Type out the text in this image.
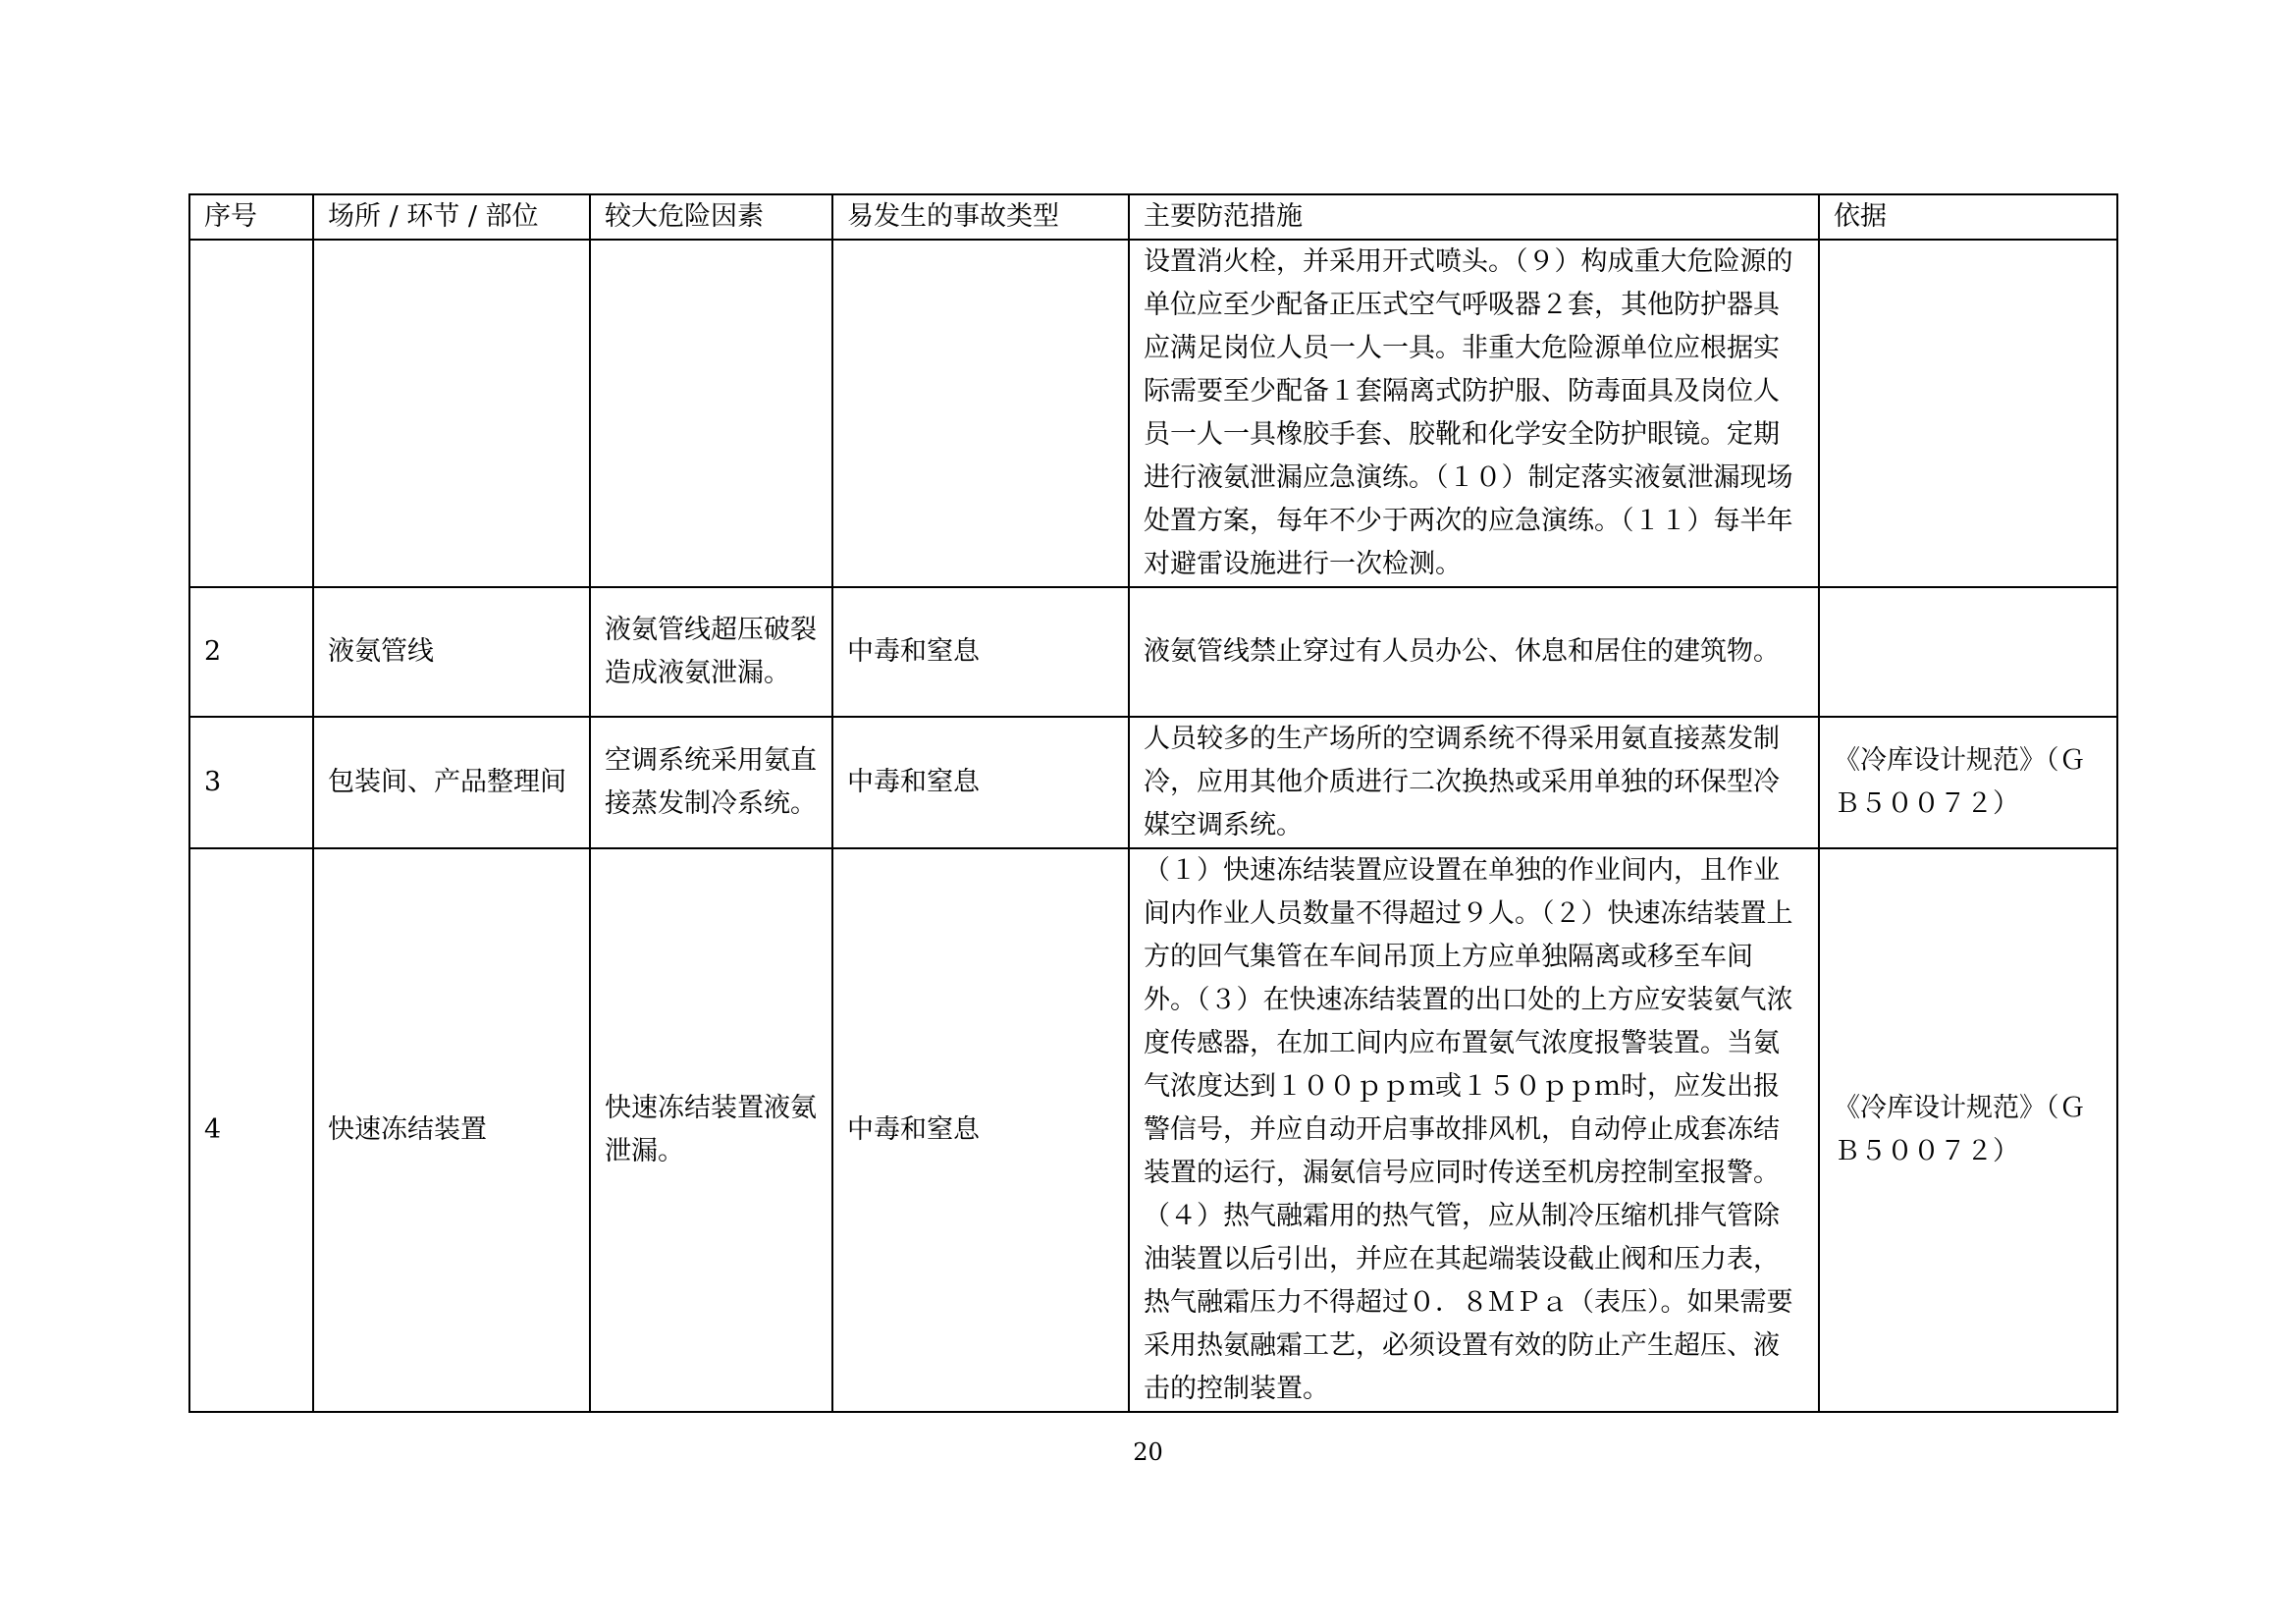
序号	场所 / 环节 / 部位	较大危险因素	易发生的事故类型	主要防范措施	依据
				设置消火栓，并采用开式喷头。（９）构成重大危险源的单位应至少配备正压式空气呼吸器２套，其他防护器具应满足岗位人员一人一具。非重大危险源单位应根据实际需要至少配备１套隔离式防护服、防毒面具及岗位人员一人一具橡胶手套、胶靴和化学安全防护眼镜。定期进行液氨泄漏应急演练。（１０）制定落实液氨泄漏现场处置方案，每年不少于两次的应急演练。（１１）每半年对避雷设施进行一次检测。	
2	液氨管线	液氨管线超压破裂造成液氨泄漏。	中毒和窒息	液氨管线禁止穿过有人员办公、休息和居住的建筑物。	
3	包装间、产品整理间	空调系统采用氨直接蒸发制冷系统。	中毒和窒息	人员较多的生产场所的空调系统不得采用氨直接蒸发制冷，应用其他介质进行二次换热或采用单独的环保型冷媒空调系统。	《冷库设计规范》（ＧＢ５００７２）
4	快速冻结装置	快速冻结装置液氨泄漏。	中毒和窒息	（１）快速冻结装置应设置在单独的作业间内，且作业间内作业人员数量不得超过９人。（２）快速冻结装置上方的回气集管在车间吊顶上方应单独隔离或移至车间外。（３）在快速冻结装置的出口处的上方应安装氨气浓度传感器，在加工间内应布置氨气浓度报警装置。当氨气浓度达到１００ｐｐｍ或１５０ｐｐｍ时，应发出报警信号，并应自动开启事故排风机，自动停止成套冻结装置的运行，漏氨信号应同时传送至机房控制室报警。（４）热气融霜用的热气管，应从制冷压缩机排气管除油装置以后引出，并应在其起端装设截止阀和压力表，热气融霜压力不得超过０．８ＭＰａ（表压）。如果需要采用热氨融霜工艺，必须设置有效的防止产生超压、液击的控制装置。	《冷库设计规范》（ＧＢ５００７２）
20
